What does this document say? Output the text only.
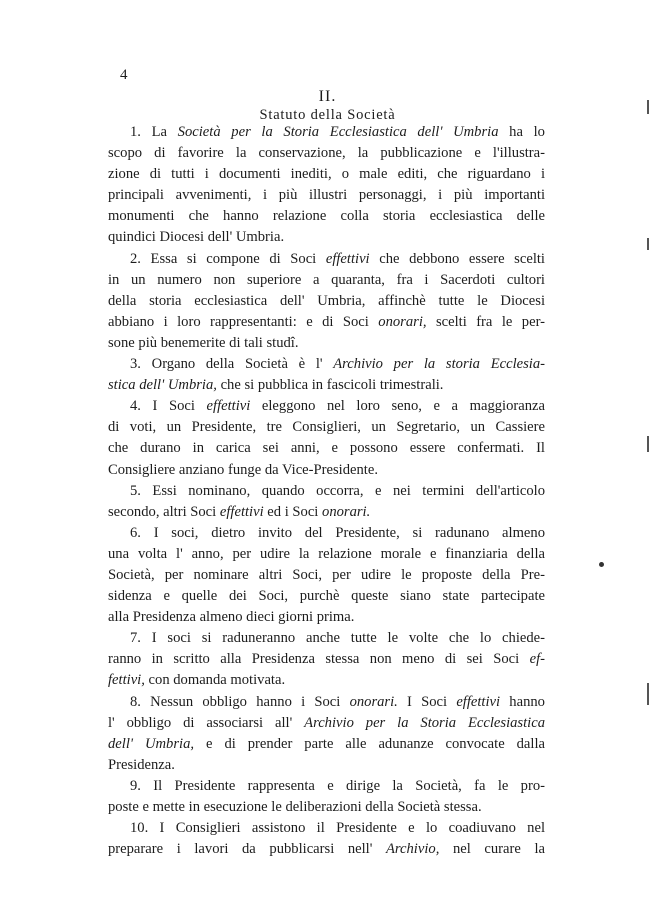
4
II.
Statuto della Società
1. La Società per la Storia Ecclesiastica dell' Umbria ha lo
scopo di favorire la conservazione, la pubblicazione e l'illustra-
zione di tutti i documenti inediti, o male editi, che riguardano i
principali avvenimenti, i più illustri personaggi, i più importanti
monumenti che hanno relazione colla storia ecclesiastica delle
quindici Diocesi dell' Umbria.
2. Essa si compone di Soci effettivi che debbono essere scelti
in un numero non superiore a quaranta, fra i Sacerdoti cultori
della storia ecclesiastica dell' Umbria, affinchè tutte le Diocesi
abbiano i loro rappresentanti: e di Soci onorari, scelti fra le per-
sone più benemerite di tali studî.
3. Organo della Società è l' Archivio per la storia Ecclesia-
stica dell' Umbria, che si pubblica in fascicoli trimestrali.
4. I Soci effettivi eleggono nel loro seno, e a maggioranza
di voti, un Presidente, tre Consiglieri, un Segretario, un Cassiere
che durano in carica sei anni, e possono essere confermati. Il
Consigliere anziano funge da Vice-Presidente.
5. Essi nominano, quando occorra, e nei termini dell'articolo
secondo, altri Soci effettivi ed i Soci onorari.
6. I soci, dietro invito del Presidente, si radunano almeno
una volta l' anno, per udire la relazione morale e finanziaria della
Società, per nominare altri Soci, per udire le proposte della Pre-
sidenza e quelle dei Soci, purchè queste siano state partecipate
alla Presidenza almeno dieci giorni prima.
7. I soci si raduneranno anche tutte le volte che lo chiede-
ranno in scritto alla Presidenza stessa non meno di sei Soci ef-
fettivi, con domanda motivata.
8. Nessun obbligo hanno i Soci onorari. I Soci effettivi hanno
l' obbligo di associarsi all' Archivio per la Storia Ecclesiastica
dell' Umbria, e di prender parte alle adunanze convocate dalla
Presidenza.
9. Il Presidente rappresenta e dirige la Società, fa le pro-
poste e mette in esecuzione le deliberazioni della Società stessa.
10. I Consiglieri assistono il Presidente e lo coadiuvano nel
preparare i lavori da pubblicarsi nell' Archivio, nel curare la
